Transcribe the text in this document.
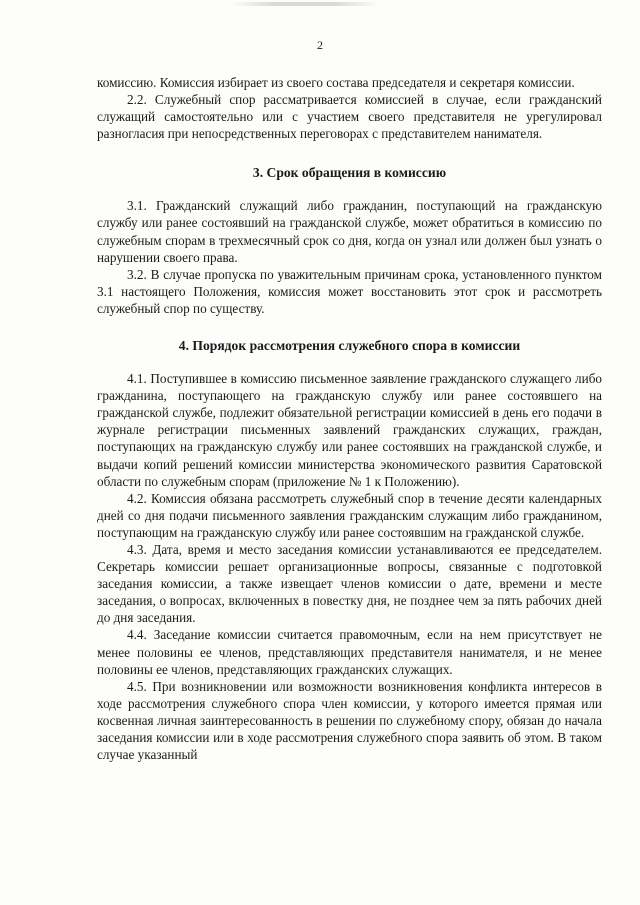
2

комиссию. Комиссия избирает из своего состава председателя и секретаря комиссии.

2.2. Служебный спор рассматривается комиссией в случае, если гражданский служащий самостоятельно или с участием своего представителя не урегулировал разногласия при непосредственных переговорах с представителем нанимателя.

3. Срок обращения в комиссию

3.1. Гражданский служащий либо гражданин, поступающий на гражданскую службу или ранее состоявший на гражданской службе, может обратиться в комиссию по служебным спорам в трехмесячный срок со дня, когда он узнал или должен был узнать о нарушении своего права.

3.2. В случае пропуска по уважительным причинам срока, установленного пунктом 3.1 настоящего Положения, комиссия может восстановить этот срок и рассмотреть служебный спор по существу.

4. Порядок рассмотрения служебного спора в комиссии

4.1. Поступившее в комиссию письменное заявление гражданского служащего либо гражданина, поступающего на гражданскую службу или ранее состоявшего на гражданской службе, подлежит обязательной регистрации комиссией в день его подачи в журнале регистрации письменных заявлений гражданских служащих, граждан, поступающих на гражданскую службу или ранее состоявших на гражданской службе, и выдачи копий решений комиссии министерства экономического развития Саратовской области по служебным спорам (приложение № 1 к Положению).

4.2. Комиссия обязана рассмотреть служебный спор в течение десяти календарных дней со дня подачи письменного заявления гражданским служащим либо гражданином, поступающим на гражданскую службу или ранее состоявшим на гражданской службе.

4.3. Дата, время и место заседания комиссии устанавливаются ее председателем. Секретарь комиссии решает организационные вопросы, связанные с подготовкой заседания комиссии, а также извещает членов комиссии о дате, времени и месте заседания, о вопросах, включенных в повестку дня, не позднее чем за пять рабочих дней до дня заседания.

4.4. Заседание комиссии считается правомочным, если на нем присутствует не менее половины ее членов, представляющих представителя нанимателя, и не менее половины ее членов, представляющих гражданских служащих.

4.5. При возникновении или возможности возникновения конфликта интересов в ходе рассмотрения служебного спора член комиссии, у которого имеется прямая или косвенная личная заинтересованность в решении по служебному спору, обязан до начала заседания комиссии или в ходе рассмотрения служебного спора заявить об этом. В таком случае указанный
